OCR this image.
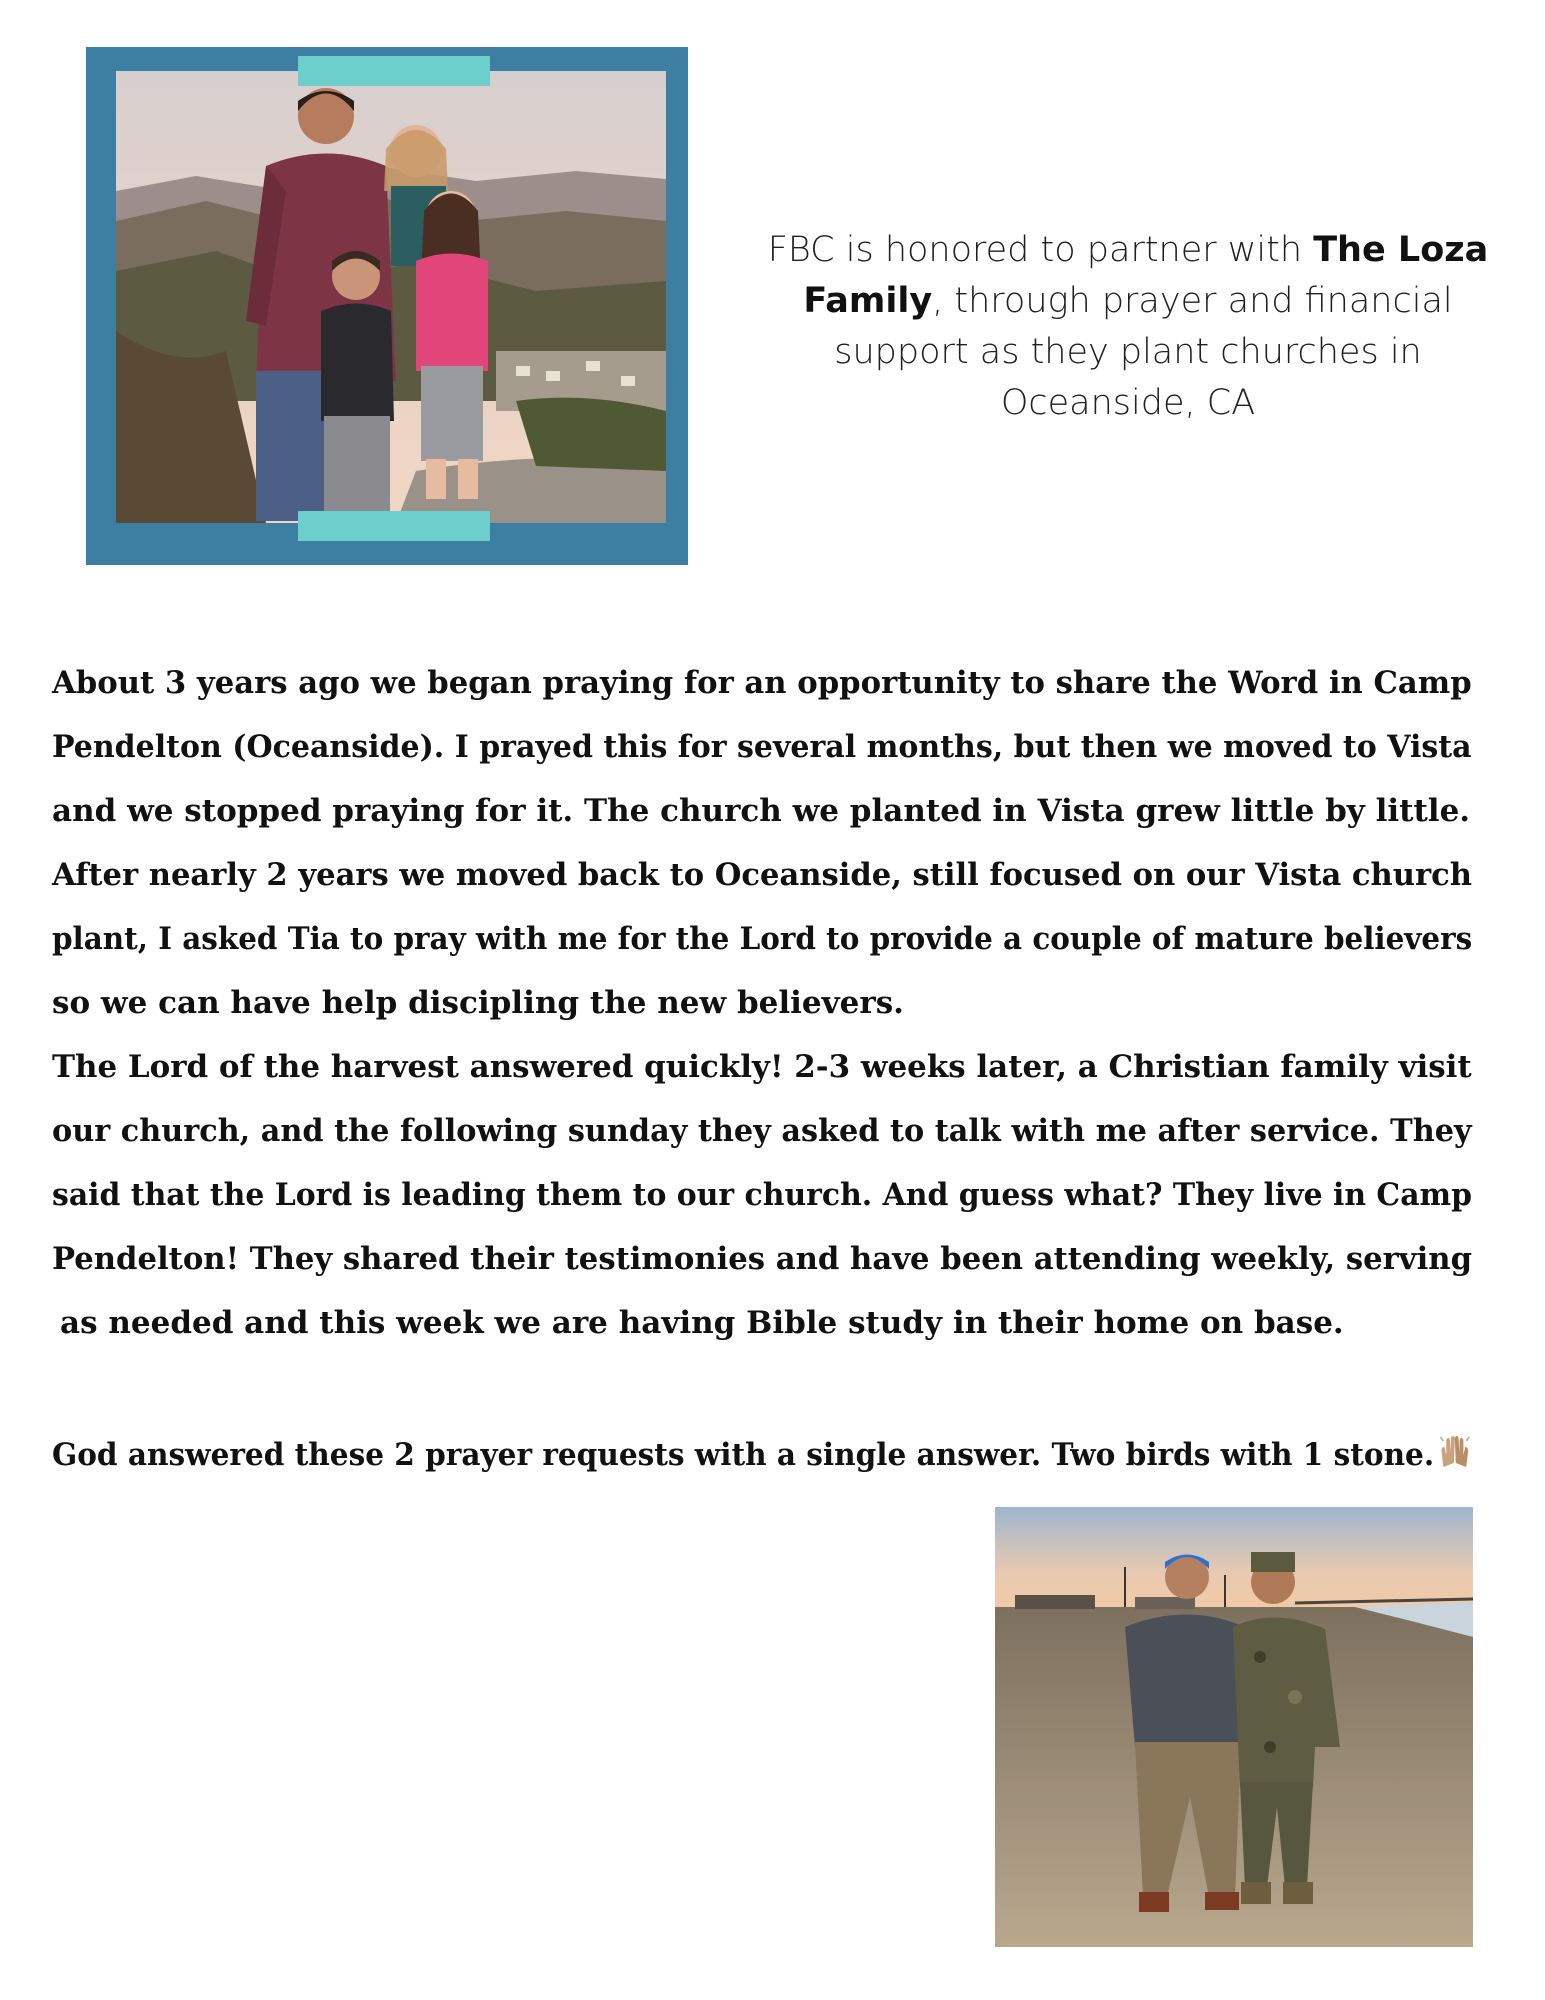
FBC is honored to partner with The Loza
Family, through prayer and financial
support as they plant churches in
Oceanside, CA
About 3 years ago we began praying for an opportunity to share the Word in Camp
Pendelton (Oceanside). I prayed this for several months, but then we moved to Vista
and we stopped praying for it. The church we planted in Vista grew little by little.
After nearly 2 years we moved back to Oceanside, still focused on our Vista church
plant, I asked Tia to pray with me for the Lord to provide a couple of mature believers
so we can have help discipling the new believers.
The Lord of the harvest answered quickly! 2-3 weeks later, a Christian family visit
our church, and the following sunday they asked to talk with me after service. They
said that the Lord is leading them to our church. And guess what? They live in Camp
Pendelton! They shared their testimonies and have been attending weekly, serving
as needed and this week we are having Bible study in their home on base.
God answered these 2 prayer requests with a single answer. Two birds with 1 stone.
